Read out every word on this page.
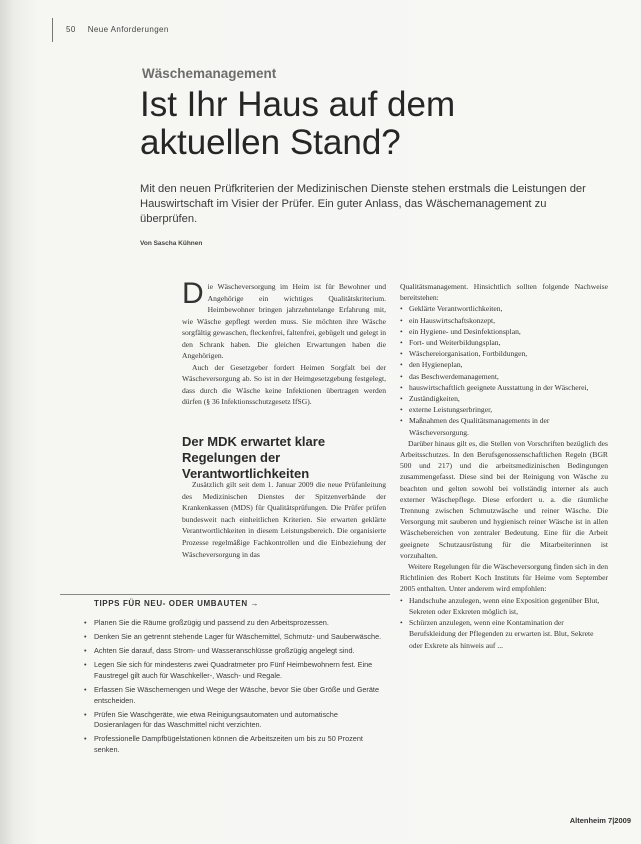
50 Neue Anforderungen
Wäschemanagement
Ist Ihr Haus auf dem
aktuellen Stand?

Mit den neuen Prüfkriterien der Medizinischen Dienste stehen erstmals die Leistungen der Hauswirtschaft im Visier der Prüfer. Ein guter Anlass, das Wäschemanagement zu überprüfen.

Von Sascha Kühnen

Die Wäscheversorgung im Heim ist für Bewohner und Angehörige ein wichtiges Qualitätskriterium. Heimbewohner bringen jahrzehntelange Erfahrung mit, wie Wäsche gepflegt werden muss. Sie möchten ihre Wäsche sorgfältig gewaschen, fleckenfrei, faltenfrei, gebügelt und gelegt in den Schrank haben. Die gleichen Erwartungen haben die Angehörigen.

Auch der Gesetzgeber fordert Heimen Sorgfalt bei der Wäscheversorgung ab. So ist in der Heimgesetzgebung festgelegt, dass durch die Wäsche keine Infektionen übertragen werden dürfen (§ 36 Infektionsschutzgesetz IfSG).

Der MDK erwartet klare Regelungen der Verantwortlichkeiten

Zusätzlich gilt seit dem 1. Januar 2009 die neue Prüfanleitung des Medizinischen Dienstes der Spitzenverbände der Krankenkassen (MDS) für Qualitätsprüfungen. Die Prüfer prüfen bundesweit nach einheitlichen Kriterien. Sie erwarten geklärte Verantwortlichkeiten in diesem Leistungsbereich. Die organisierte Prozesse regelmäßige Fachkontrollen und die Einbeziehung der Wäscheversorgung in das

Qualitätsmanagement. Hinsichtlich sollten folgende Nachweise bereitstehen:

• Geklärte Verantwortlichkeiten,
• ein Hauswirtschaftskonzept,
• ein Hygiene- und Desinfektionsplan,
• Fort- und Weiterbildungsplan,
• Wäschereiorganisation, Fortbildungen,
• den Hygieneplan,
• das Beschwerdemanagement,
• hauswirtschaftlich geeignete Ausstattung in der Wäscherei,
• Zuständigkeiten,
• externe Leistungserbringer,
• Maßnahmen des Qualitätsmanagements in der Wäscheversorgung.

Darüber hinaus gilt es, die Stellen von Vorschriften bezüglich des Arbeitsschutzes. In den Berufsgenossenschaftlichen Regeln (BGR 500 und 217) und die arbeitsmedizinischen Bedingungen zusammengefasst. Diese sind bei der Reinigung von Wäsche zu beachten und gelten sowohl bei vollständig interner als auch externer Wäschepflege. Diese erfordert u. a. die räumliche Trennung zwischen Schmutzwäsche und reiner Wäsche. Die Versorgung mit sauberen und hygienisch reiner Wäsche ist in allen Wäschebereichen von zentraler Bedeutung. Eine für die Arbeit geeignete Schutzausrüstung für die Mitarbeiterinnen ist vorzuhalten.

Weitere Regelungen für die Wäscheversorgung finden sich in den Richtlinien des Robert Koch Instituts für Heime vom September 2005 enthalten. Unter anderem wird empfohlen:

• Handschuhe anzulegen, wenn eine Exposition gegenüber Blut, Sekreten oder Exkreten möglich ist,
• Schürzen anzulegen, wenn eine Kontamination der Berufskleidung der Pflegenden zu erwarten ist. Blut, Sekrete oder Exkrete als hinweis auf ...
TIPPS FÜR NEU- ODER UMBAUTEN →
• Planen Sie die Räume großzügig und passend zu den Arbeitsprozessen.
• Denken Sie an getrennt stehende Lager für Wäschemittel, Schmutz- und Sauberwäsche.
• Achten Sie darauf, dass Strom- und Wasseranschlüsse großzügig angelegt sind.
• Legen Sie sich für mindestens zwei Quadratmeter pro Fünf Heimbewohnern fest. Eine Faustregel gilt auch für Waschkeller-, Wasch- und Regale.
• Erfassen Sie Wäschemengen und Wege der Wäsche, bevor Sie über Größe und Geräte entscheiden.
• Prüfen Sie Waschgeräte, wie etwa Reinigungsautomaten und automatische Dosieranlagen für das Waschmittel nicht verzichten.
• Professionelle Dampfbügelstationen können die Arbeitszeiten um bis zu 50 Prozent senken.
Altenheim 7|2009
